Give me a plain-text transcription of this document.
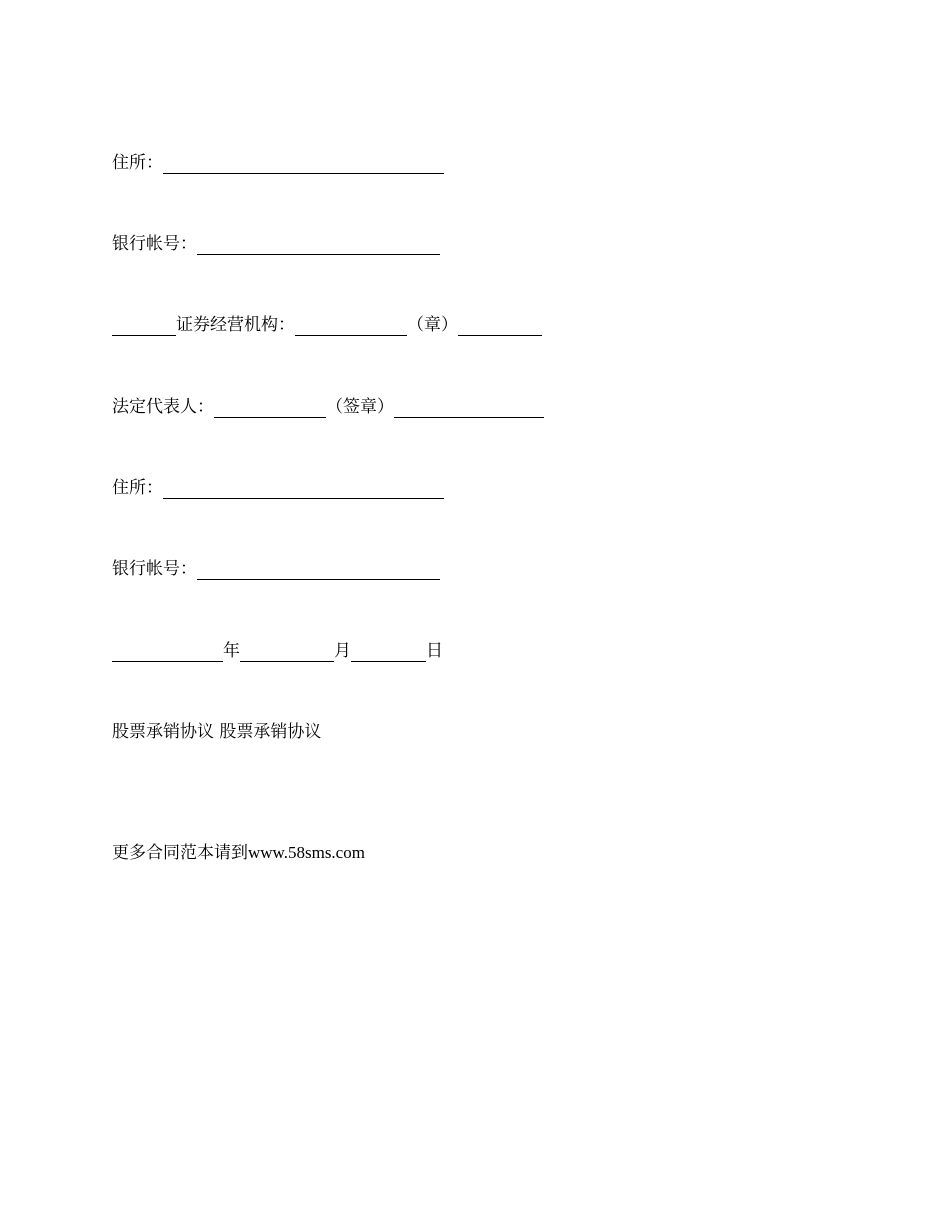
住所：
银行帐号：
证券经营机构：	（章）
法定代表人：	（签章）
住所：
银行帐号：
年	月	日
股票承销协议 股票承销协议
更多合同范本请到 www.58sms.com
